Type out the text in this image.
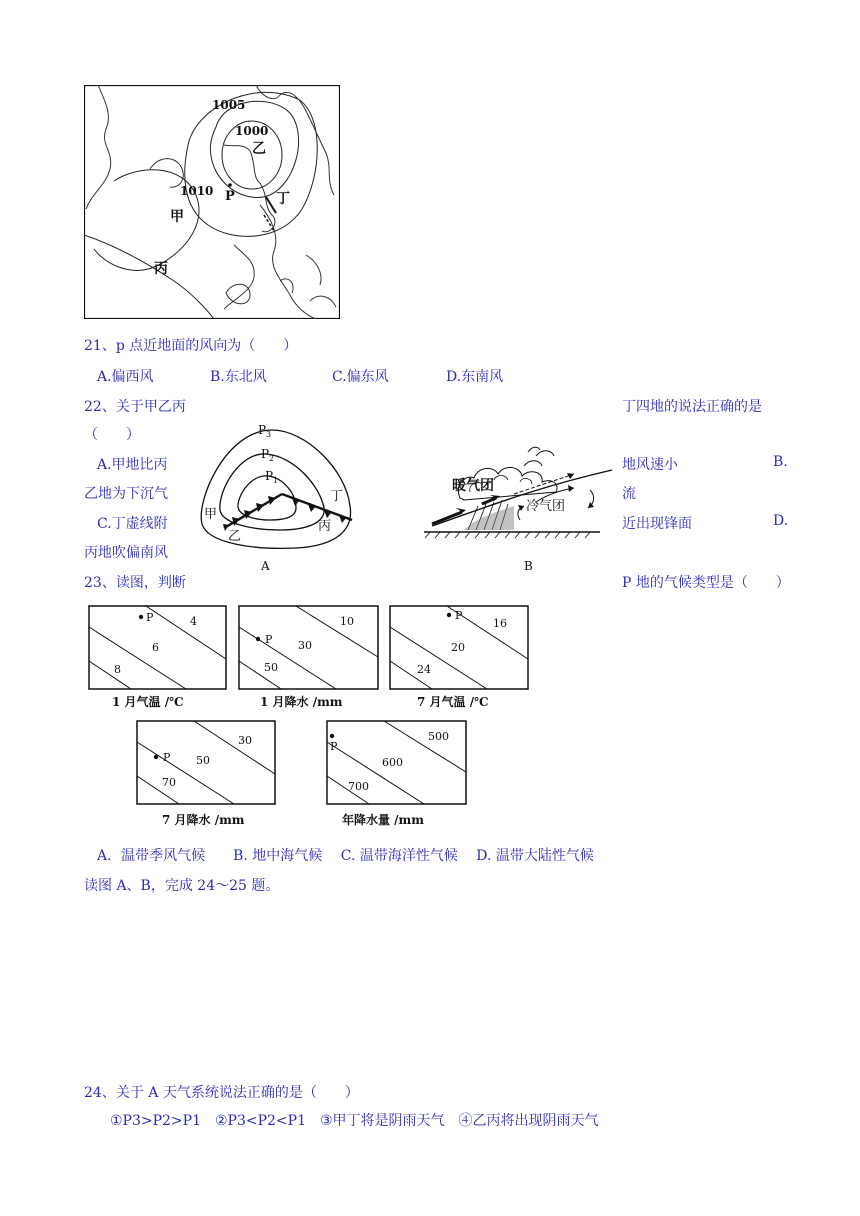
1005
1000
1010
乙
P	丁
甲
丙
21、p 点近地面的风向为（　　）
A.偏西风	B.东北风	C.偏东风	D.东南风
22、关于甲乙丙	丁四地的说法正确的是
（　　）
A.甲地比丙	地风速小	B.
乙地为下沉气	流
C.丁虚线附	近出现锋面	D.
丙地吹偏南风
P 3
P 2
P 1
甲
乙
丙
丁
A
暖气团
冷气团
B
23、读图，判断	P 地的气候类型是（　　）
P	4
6
8
1 月气温 /℃
P
10
30
50
1 月降水 /mm
P
16
20
24
7 月气温 /℃
P
30
50
70
7 月降水 /mm
P
500
600
700
年降水量 /mm
A．温带季风气候　　B. 地中海气候　 C. 温带海洋性气候　 D. 温带大陆性气候
读图 A、B，完成 24～25 题。
24、关于 A 天气系统说法正确的是（　　）
①P3>P2>P1　②P3<P2<P1　③甲丁将是阴雨天气　④乙丙将出现阴雨天气
